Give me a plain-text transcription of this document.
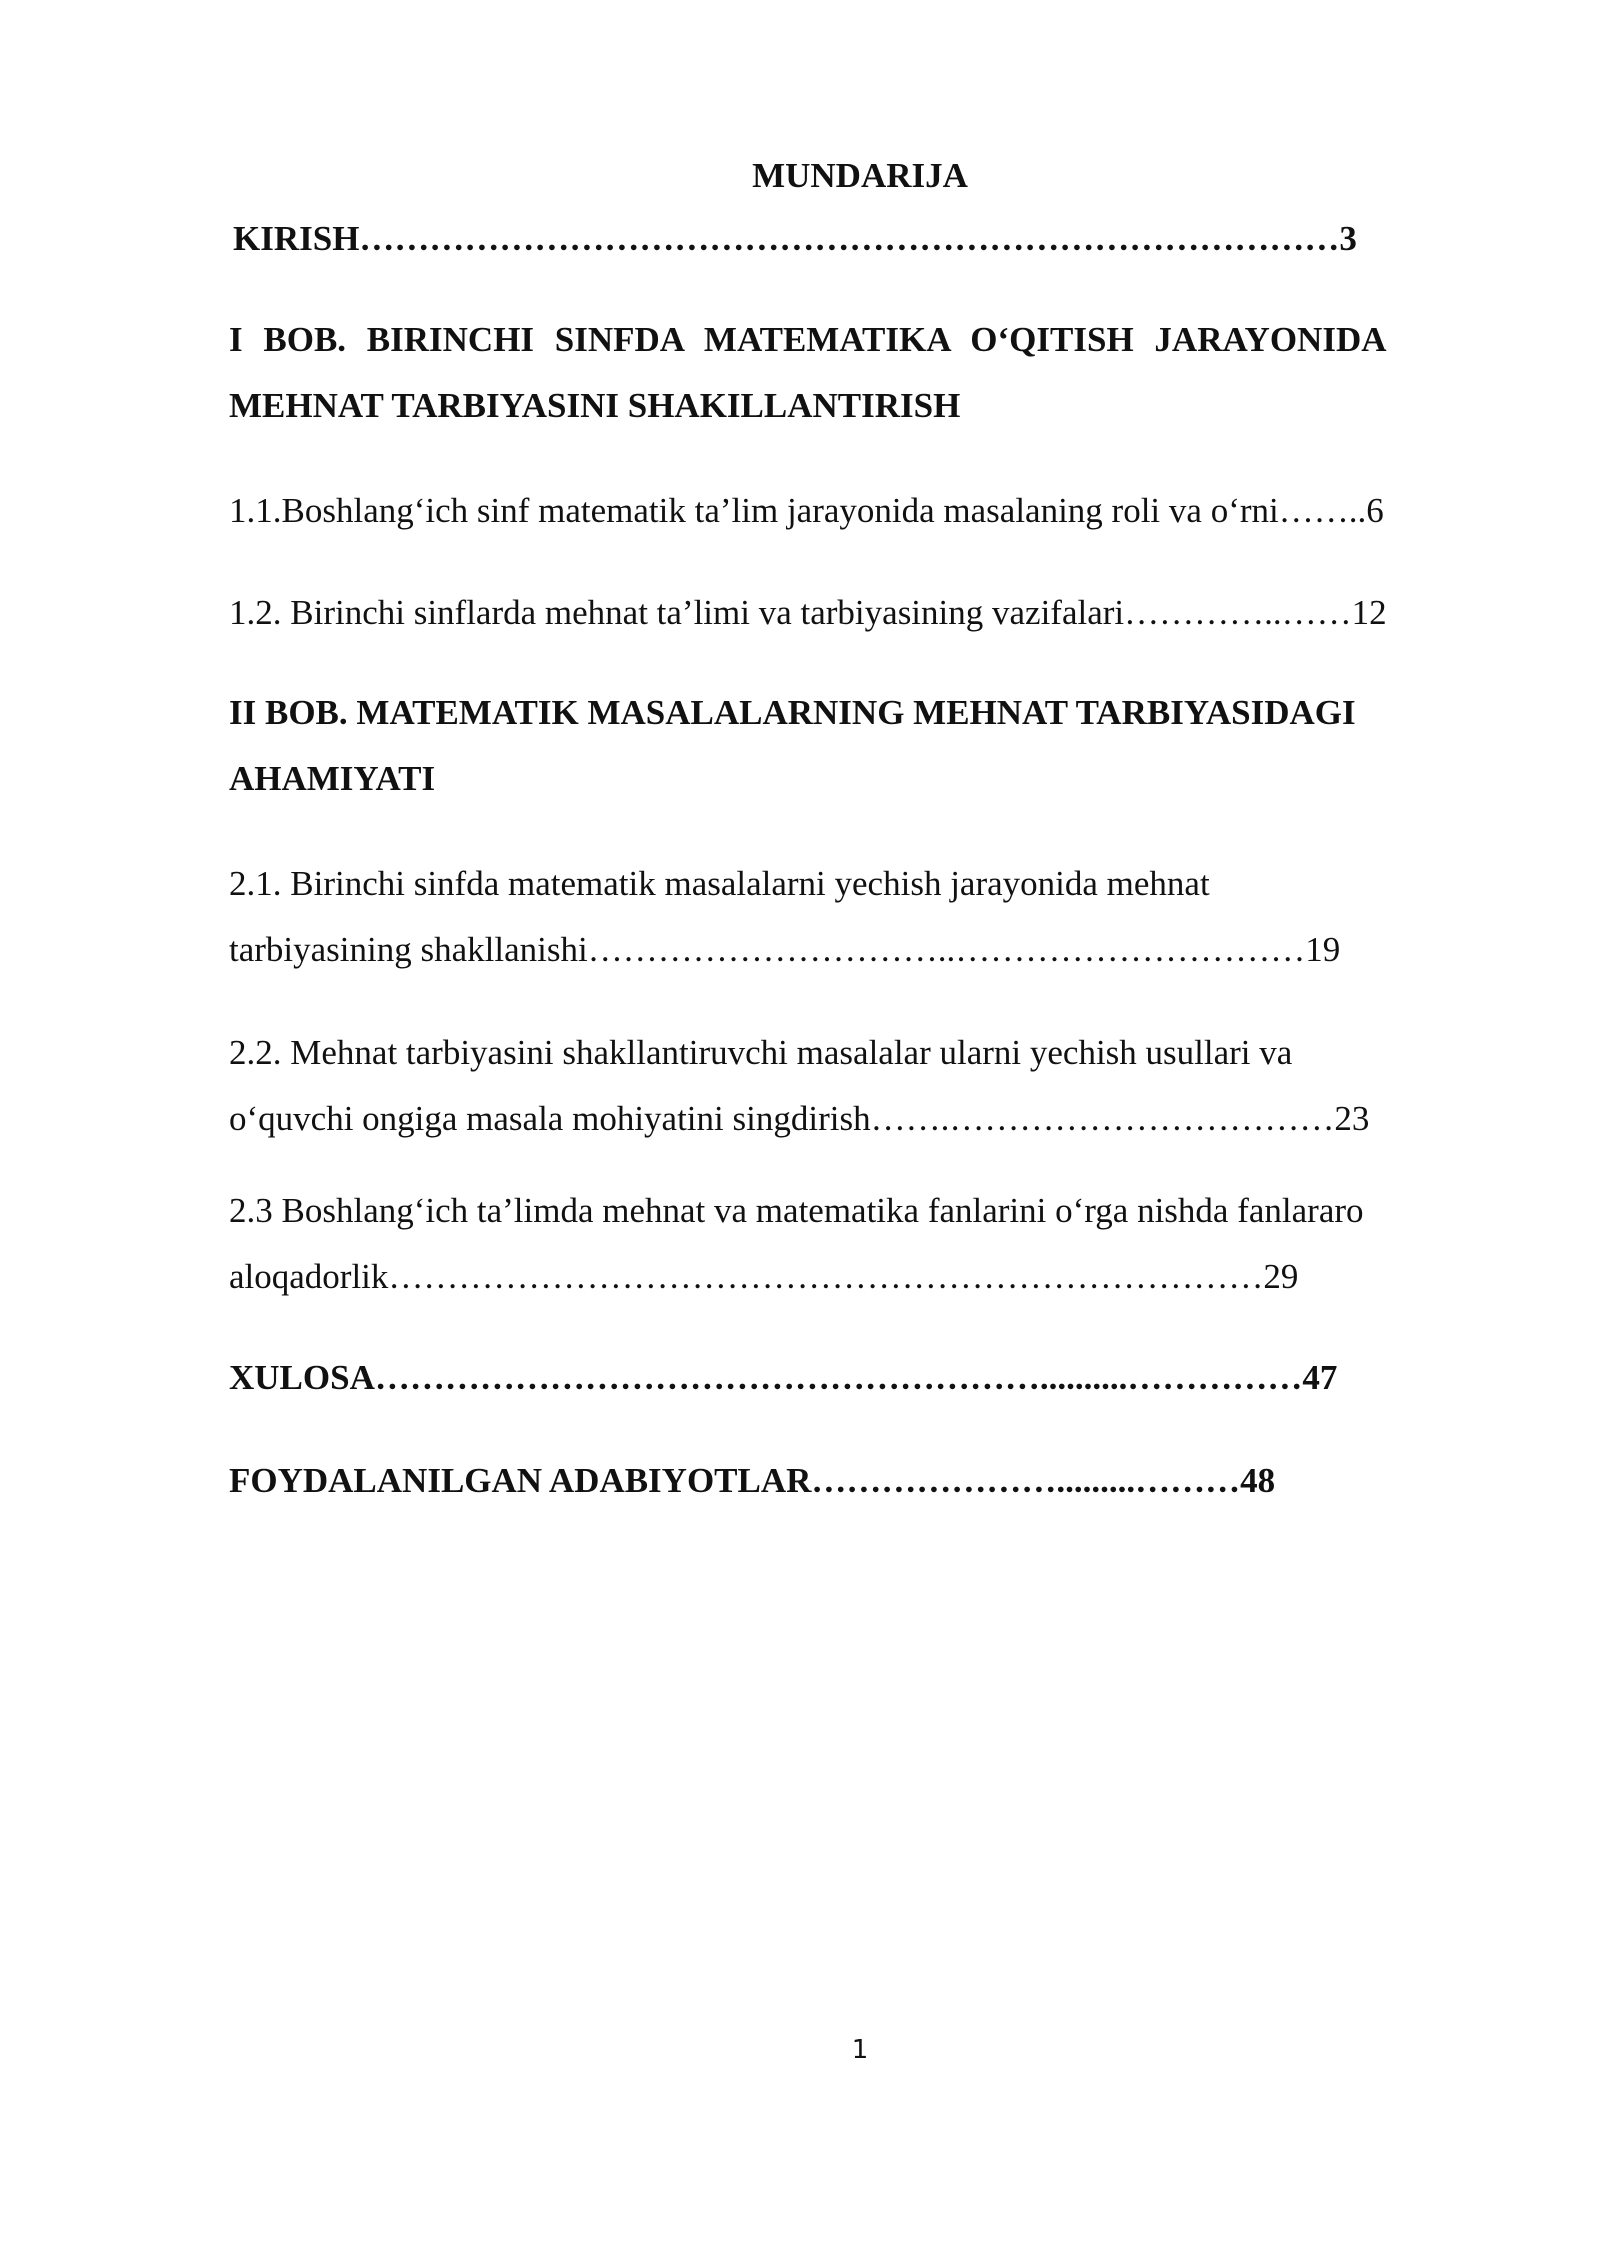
MUNDARIJA
KIRISH…………………………………………………………………………3
I BOB. BIRINCHI SINFDA MATEMATIKA O‘QITISH JARAYONIDA
MEHNAT TARBIYASINI SHAKILLANTIRISH
1.1.Boshlang‘ich sinf matematik ta’lim jarayonida masalaning roli va o‘rni……..6
1.2. Birinchi sinflarda mehnat ta’limi va tarbiyasining vazifalari…………..……12
II BOB. MATEMATIK MASALALARNING MEHNAT TARBIYASIDAGI
AHAMIYATI
2.1. Birinchi sinfda matematik masalalarni yechish jarayonida mehnat
tarbiyasining shakllanishi…………………………..…………………………19
2.2. Mehnat tarbiyasini shakllantiruvchi masalalar ularni yechish usullari va
o‘quvchi ongiga masala mohiyatini singdirish…….……………………………23
2.3 Boshlang‘ich ta’limda mehnat va matematika fanlarini o‘rga nishda fanlararo
aloqadorlik…………………………………………………………………29
XULOSA…………………………………………………..........……………47
FOYDALANILGAN ADABIYOTLAR………………….........………48
1
